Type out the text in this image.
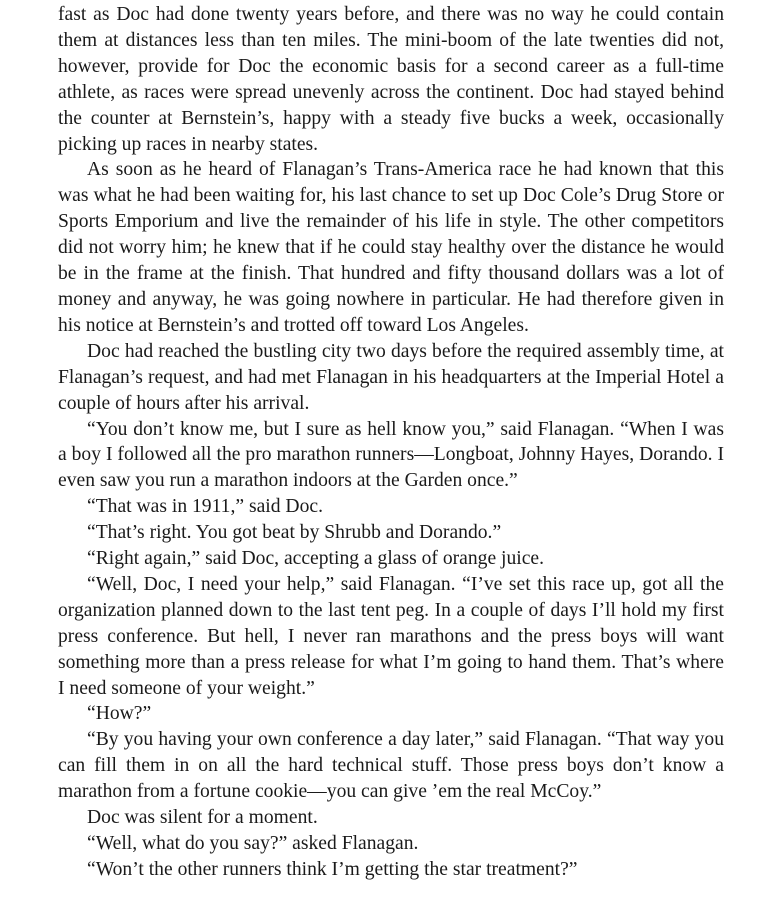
fast as Doc had done twenty years before, and there was no way he could contain them at distances less than ten miles. The mini-boom of the late twenties did not, however, provide for Doc the economic basis for a second career as a full-time athlete, as races were spread unevenly across the continent. Doc had stayed behind the counter at Bernstein’s, happy with a steady five bucks a week, occasionally picking up races in nearby states.

As soon as he heard of Flanagan’s Trans-America race he had known that this was what he had been waiting for, his last chance to set up Doc Cole’s Drug Store or Sports Emporium and live the remainder of his life in style. The other competitors did not worry him; he knew that if he could stay healthy over the distance he would be in the frame at the finish. That hundred and fifty thousand dollars was a lot of money and anyway, he was going nowhere in particular. He had therefore given in his notice at Bernstein’s and trotted off toward Los Angeles.

Doc had reached the bustling city two days before the required assembly time, at Flanagan’s request, and had met Flanagan in his headquarters at the Imperial Hotel a couple of hours after his arrival.

“You don’t know me, but I sure as hell know you,” said Flanagan. “When I was a boy I followed all the pro marathon runners—Longboat, Johnny Hayes, Dorando. I even saw you run a marathon indoors at the Garden once.”

“That was in 1911,” said Doc.

“That’s right. You got beat by Shrubb and Dorando.”

“Right again,” said Doc, accepting a glass of orange juice.

“Well, Doc, I need your help,” said Flanagan. “I’ve set this race up, got all the organization planned down to the last tent peg. In a couple of days I’ll hold my first press conference. But hell, I never ran marathons and the press boys will want something more than a press release for what I’m going to hand them. That’s where I need someone of your weight.”

“How?”

“By you having your own conference a day later,” said Flanagan. “That way you can fill them in on all the hard technical stuff. Those press boys don’t know a marathon from a fortune cookie—you can give ’em the real McCoy.”

Doc was silent for a moment.

“Well, what do you say?” asked Flanagan.

“Won’t the other runners think I’m getting the star treatment?”
